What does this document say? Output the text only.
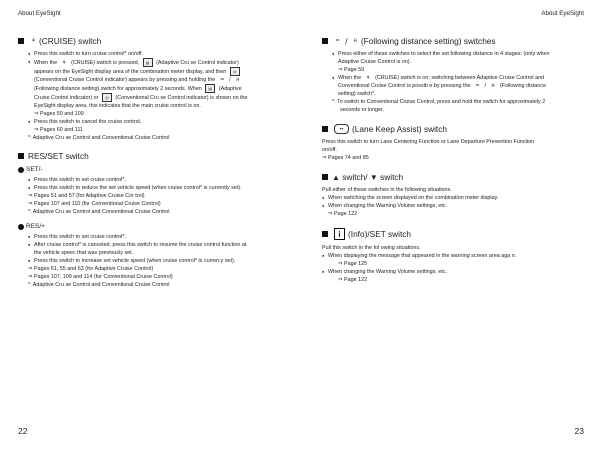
About EyeSight
⚘ (CRUISE) switch
● Press this switch to turn cruise control* on/off.
● When the ⚘ (CRUISE) switch is pressed, ▤ (Adaptive Cru se Control indicator)
appears on the EyeSight display area of the combination meter display, and then ◎
(Conventional Cruise Control indicator) appears by pressing and holding the ♒ / ♓
(Following distance setting) switch for approximately 2 seconds. When ▤ (Adaptive
Cruise Control indicator) or ◎ (Conventional Cru se Control indicator) is shown on the
EyeSight display area, this indicates that the main cruise control is on.
⇒ Pages 50 and 109
● Press this switch to cancel the cruise control.
⇒ Pages 60 and 111
*: Adaptive Cru se Control and Conventional Cruise Control
RES/SET switch
SET/-
● Press this switch to set cruise control*.
● Press this switch to reduce the set vehicle speed (when cruise control* is currently set).
⇒ Pages 51 and 57 (for Adaptive Cruise Cor trol)
⇒ Pages 107 and 110 (for Conventional Cruise Control)
*: Adaptive Cru se Control and Conventional Cruise Control
RES/+
● Press this switch to set cruise control*.
● After cruise control* is canceled, press this switch to resume the cruise control function at
the vehicle speec that was previously set.
● Press this switch to increase set vehicle speed (when cruise control* is curren:y set).
⇒ Pages 51, 55 and 63 (for Adaptive Cruise Control)
⇒ Pages 107, 109 and 114 (for Conventional Cruise Control)
*: Adaptive Cru se Control and Conventional Cruise Control
22
About EyeSight
♒ / ♓ (Following distance setting) switches
● Press either of these switches to select the set following distance in 4 stages: (only when
Adaptive Cruise Control is on).
⇒ Page 59
● When the ⚘ (CRUISE) switch is on; switching between Adaptive Cruise Control and
Conventional Cruise Control is possib e by pressing the ♒ / ♓ (Following distance
setting) switch*.
*: To switch to Conventional Cruise Control, press and hold the switch for approximately 2
seconds or longer.
⭤	(Lane Keep Assist) switch

Press this switch to turn Lane Centering Function or Lane Departure Prevention Function
on/off.

⇒ Pages 74 and 85
▲ switch/ ▼
switch

Pull either of these switches in the following situations.

● When switching the screen displayed on the combination meter display.
● When changing the Warning Volume settings, etc.
⇒ Page 122
i (Info)/SET switch

Pull this switch in the fol owing situations.

● When displaying the message that appeared in the warning screen area aga n.
⇒ Page 125
● When changing the Warning Volume settings, etc.
⇒ Page 122
23
